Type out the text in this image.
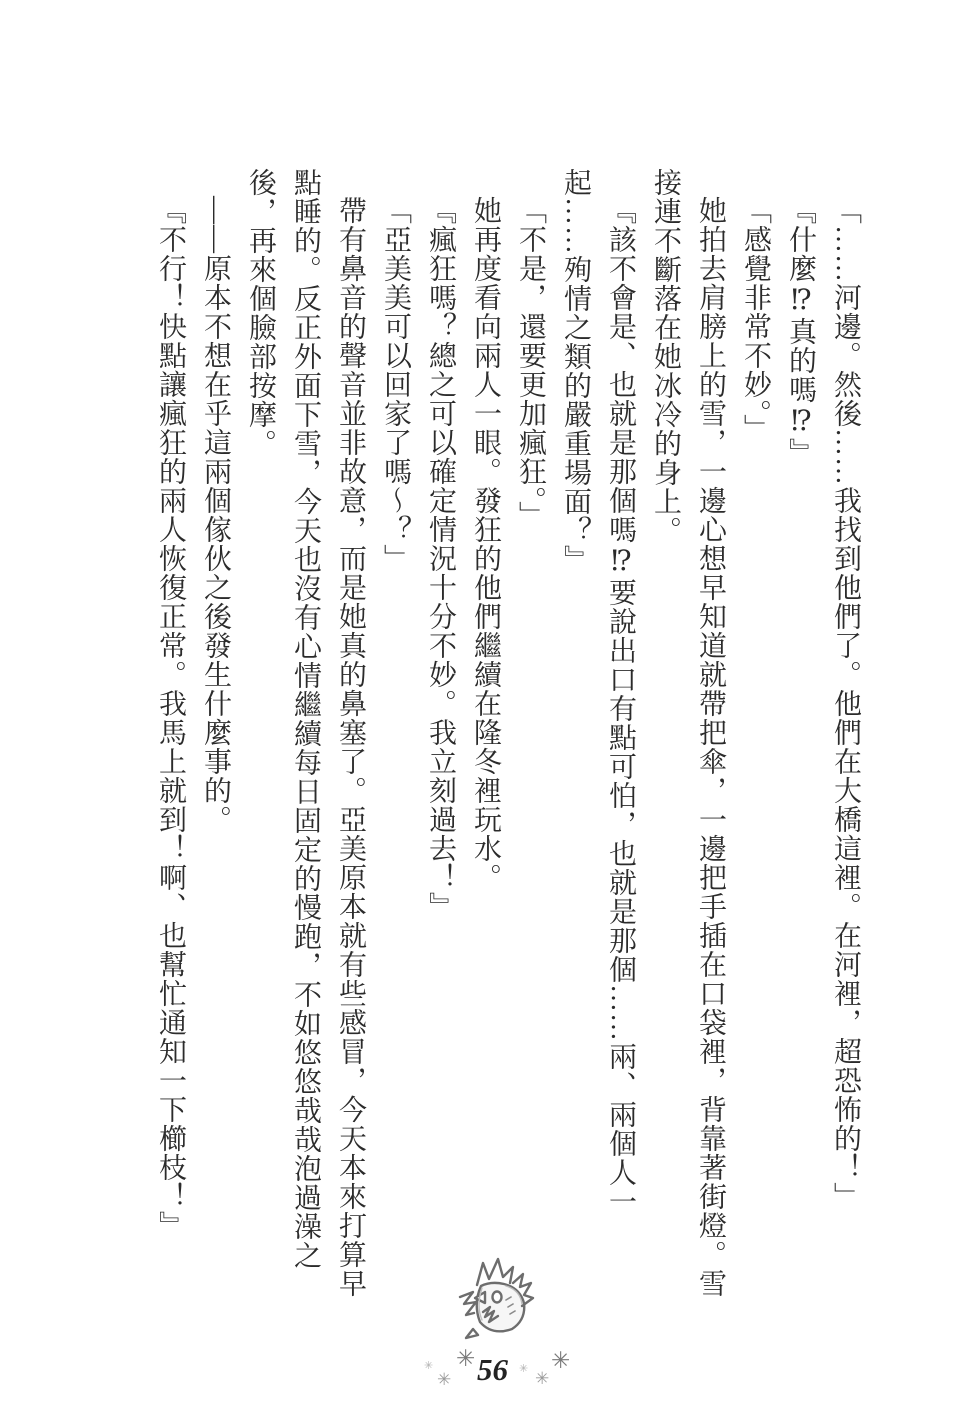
「……河邊。然後……我找到他們了。他們在大橋這裡。在河裡，超恐怖的！」

『什麼⁉真的嗎⁉』

「感覺非常不妙。」

她拍去肩膀上的雪，一邊心想早知道就帶把傘，一邊把手插在口袋裡，背靠著街燈。雪接連不斷落在她冰冷的身上。

『該不會是、也就是那個嗎⁉要說出口有點可怕，也就是那個……兩、兩個人一起……殉情之類的嚴重場面？』

「不是，還要更加瘋狂。」

她再度看向兩人一眼。發狂的他們繼續在隆冬裡玩水。

『瘋狂嗎？總之可以確定情況十分不妙。我立刻過去！』

「亞美美可以回家了嗎～？」

帶有鼻音的聲音並非故意，而是她真的鼻塞了。亞美原本就有些感冒，今天本來打算早點睡的。反正外面下雪，今天也沒有心情繼續每日固定的慢跑，不如悠悠哉哉泡過澡之後，再來個臉部按摩。

——原本不想在乎這兩個傢伙之後發生什麼事的。

『不行！快點讓瘋狂的兩人恢復正常。我馬上就到！啊、也幫忙通知一下櫛枝！』

✳
✳
✳	✳
✳
✳
56
